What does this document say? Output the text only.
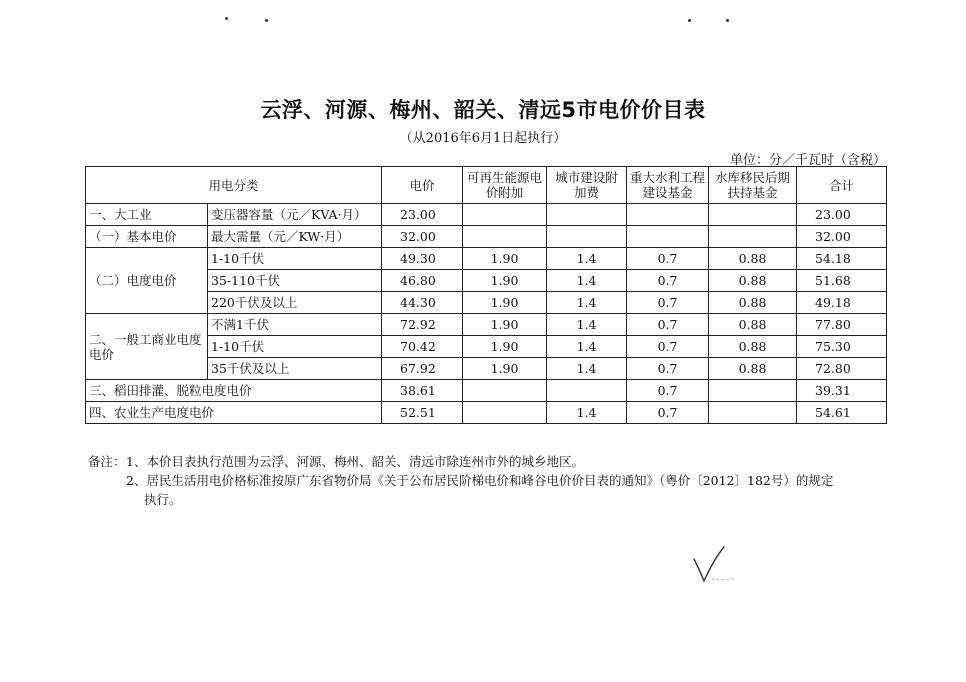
云浮、河源、梅州、韶关、清远5市电价价目表
（从2016年6月1日起执行）
单位：分／千瓦时（含税）
用电分类		电价	可再生能源电价附加	城市建设附加费	重大水利工程建设基金	水库移民后期扶持基金	合计
一、大工业	变压器容量（元／KVA·月）	23.00					23.00
（一）基本电价	最大需量（元／KW·月）	32.00					32.00
（二）电度电价	1-10千伏	49.30	1.90	1.4	0.7	0.88	54.18
	35-110千伏	46.80	1.90	1.4	0.7	0.88	51.68
	220千伏及以上	44.30	1.90	1.4	0.7	0.88	49.18
二、一般工商业电度电价	不满1千伏	72.92	1.90	1.4	0.7	0.88	77.80
	1-10千伏	70.42	1.90	1.4	0.7	0.88	75.30
	35千伏及以上	67.92	1.90	1.4	0.7	0.88	72.80
三、稻田排灌、脱粒电度电价		38.61			0.7		39.31
四、农业生产电度电价		52.51		1.4	0.7		54.61
备注： 1、本价目表执行范围为云浮、河源、梅州、韶关、清远市除连州市外的城乡地区。
2、居民生活用电价格标准按原广东省物价局《关于公布居民阶梯电价和峰谷电价价目表的通知》（粤价〔2012〕182号）的规定
执行。
